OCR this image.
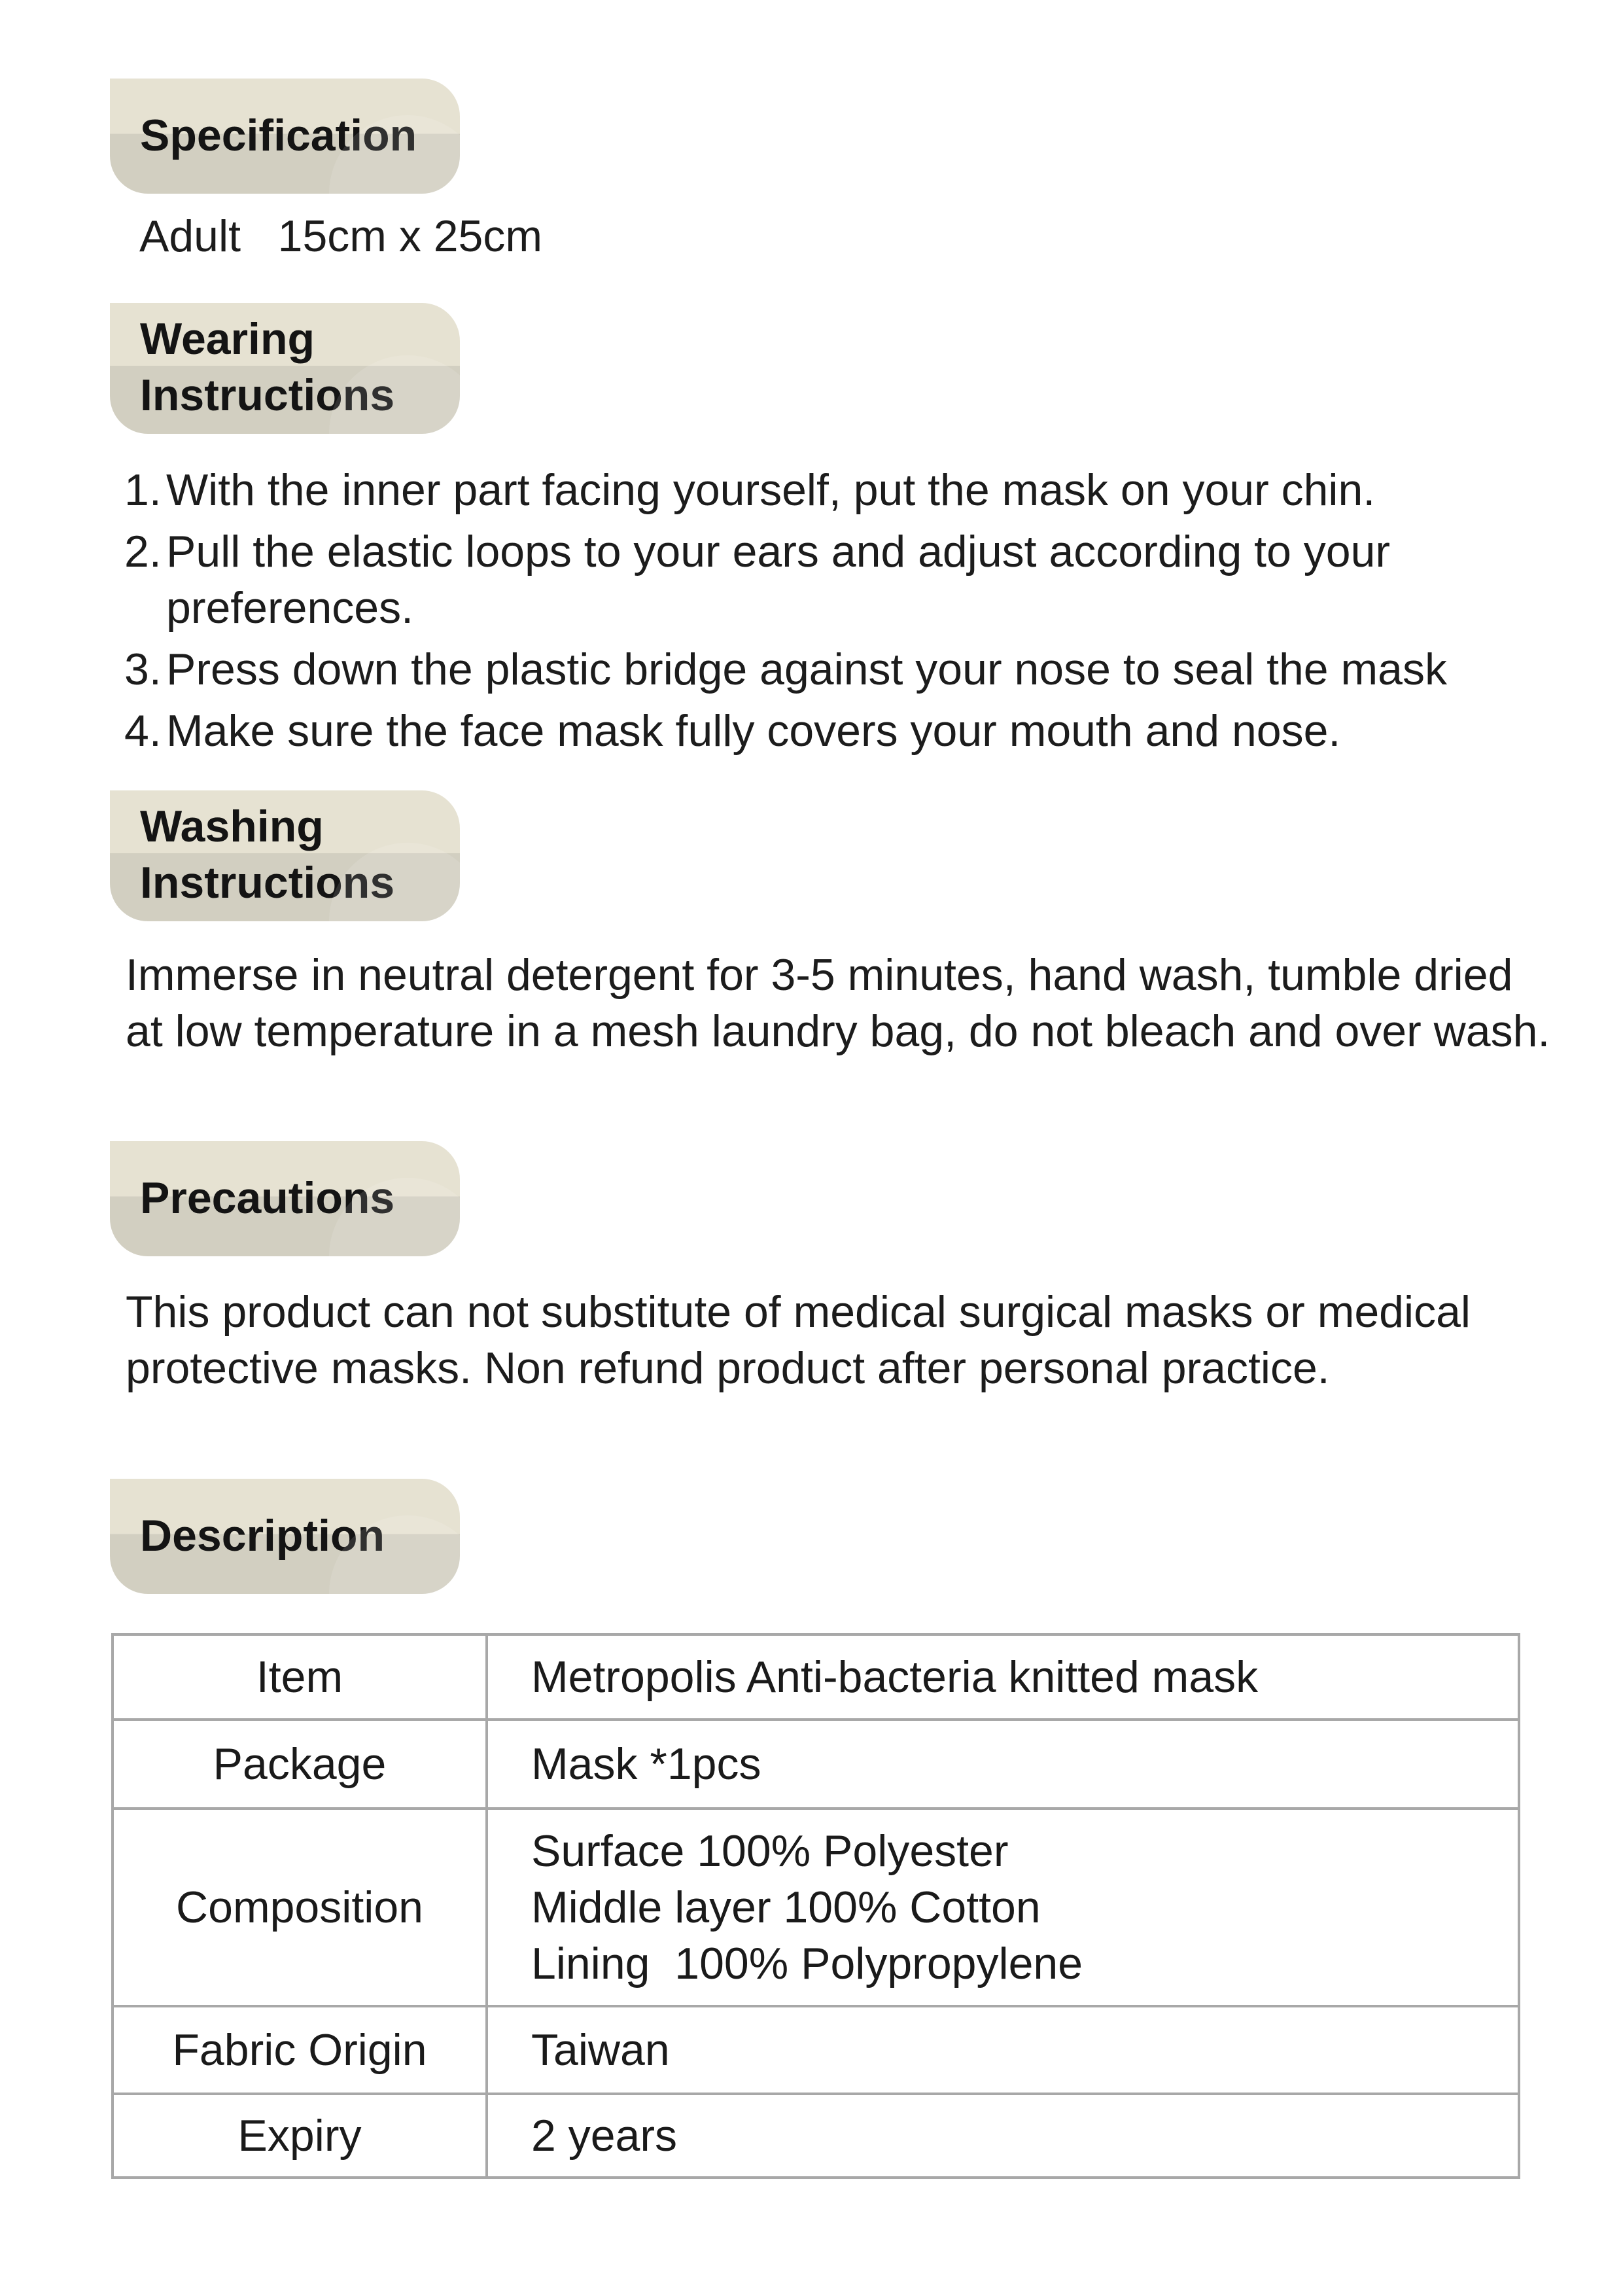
Specification
Adult   15cm x 25cm
Wearing
Instructions
1. With the inner part facing yourself, put the mask on your chin.
2. Pull the elastic loops to your ears and adjust according to your preferences.
3. Press down the plastic bridge against your nose to seal the mask
4. Make sure the face mask fully covers your mouth and nose.
Washing
Instructions
Immerse in neutral detergent for 3-5 minutes, hand wash, tumble dried at low temperature in a mesh laundry bag, do not bleach and over wash.
Precautions
This product can not substitute of medical surgical masks or medical protective masks. Non refund product after personal practice.
Description
Item	Metropolis Anti-bacteria knitted mask

Package	Mask *1pcs

Composition	Surface 100% Polyester
Middle layer 100% Cotton
Lining  100% Polypropylene

Fabric Origin	Taiwan

Expiry	2 years
